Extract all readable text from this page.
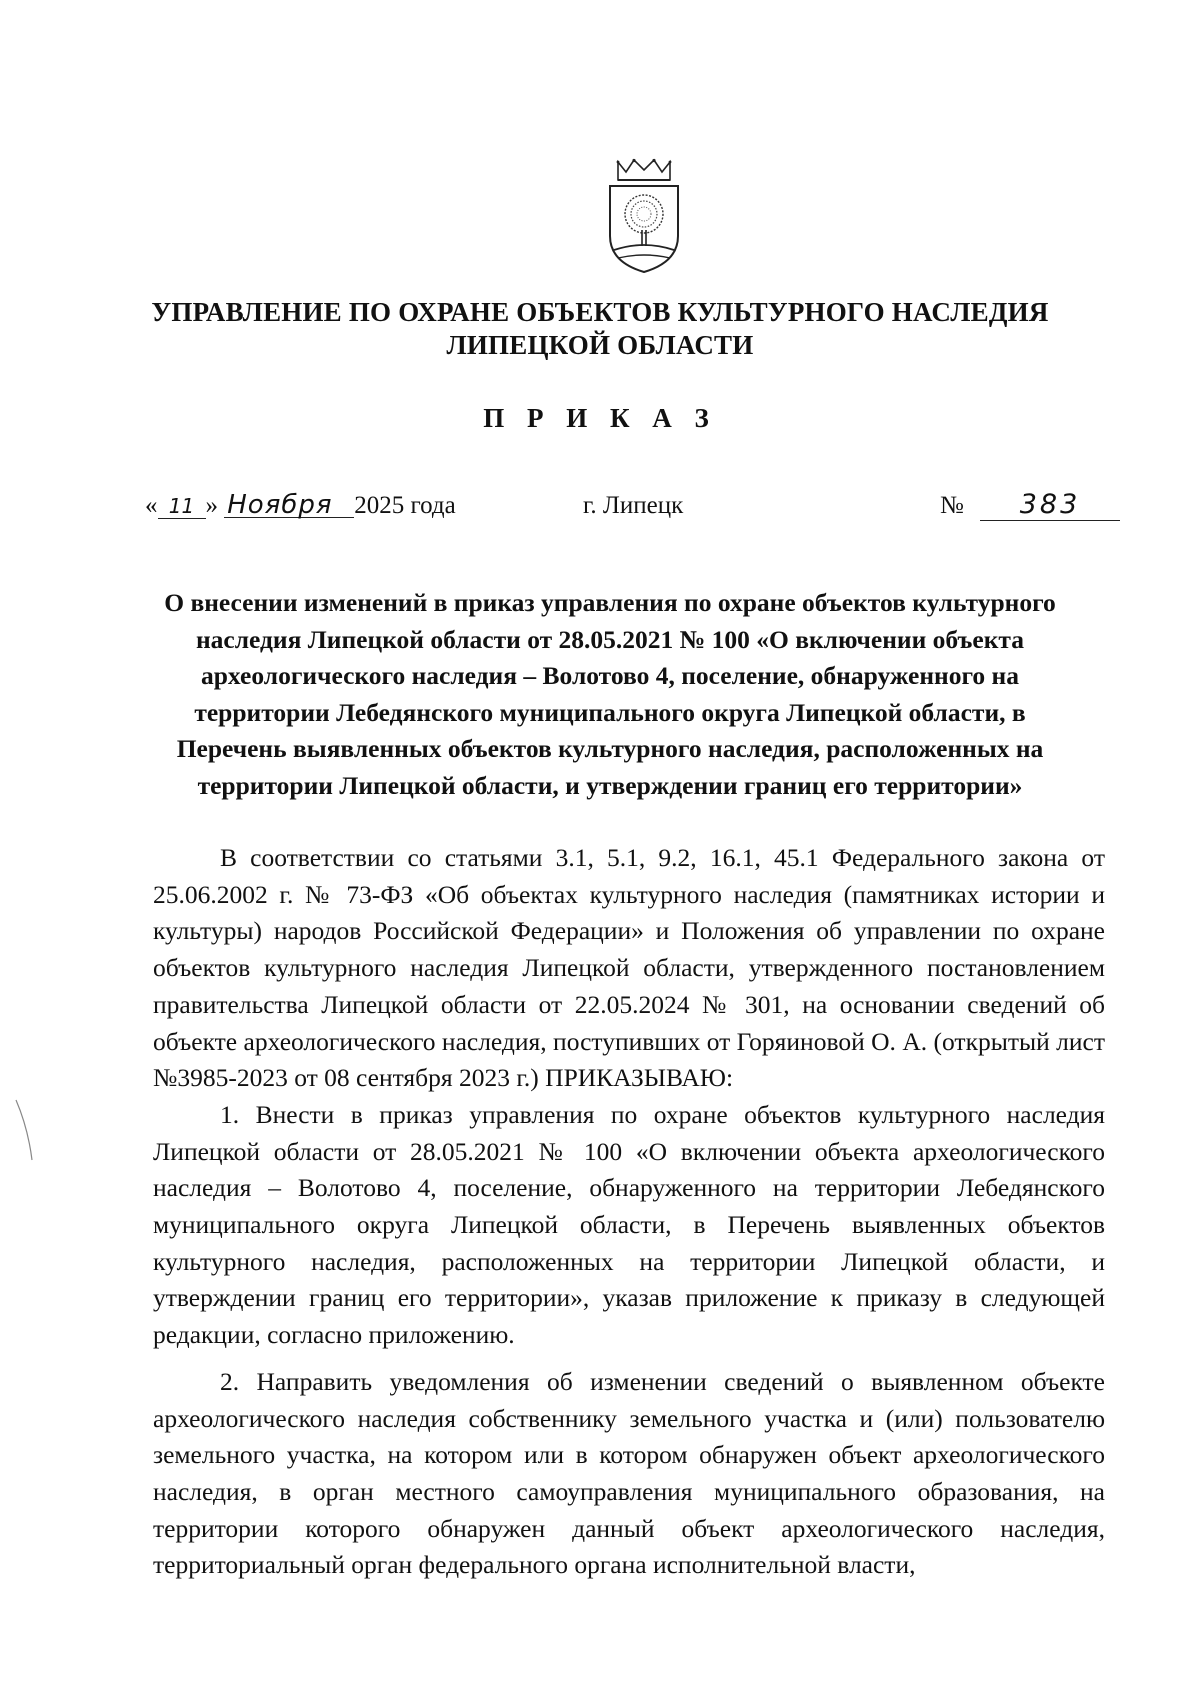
УПРАВЛЕНИЕ ПО ОХРАНЕ ОБЪЕКТОВ КУЛЬТУРНОГО НАСЛЕДИЯ
ЛИПЕЦКОЙ ОБЛАСТИ
П Р И К А З
« 11 » Ноября 2025 года	г. Липецк	№	383
О внесении изменений в приказ управления по охране объектов культурного наследия Липецкой области от 28.05.2021 № 100 «О включении объекта археологического наследия – Волотово 4, поселение, обнаруженного на территории Лебедянского муниципального округа Липецкой области, в Перечень выявленных объектов культурного наследия, расположенных на территории Липецкой области, и утверждении границ его территории»

В соответствии со статьями 3.1, 5.1, 9.2, 16.1, 45.1 Федерального закона от 25.06.2002 г. № 73-ФЗ «Об объектах культурного наследия (памятниках истории и культуры) народов Российской Федерации» и Положения об управлении по охране объектов культурного наследия Липецкой области, утвержденного постановлением правительства Липецкой области от 22.05.2024 № 301, на основании сведений об объекте археологического наследия, поступивших от Горяиновой О. А. (открытый лист №3985-2023 от 08 сентября 2023 г.) ПРИКАЗЫВАЮ:

1. Внести в приказ управления по охране объектов культурного наследия Липецкой области от 28.05.2021 № 100 «О включении объекта археологического наследия – Волотово 4, поселение, обнаруженного на территории Лебедянского муниципального округа Липецкой области, в Перечень выявленных объектов культурного наследия, расположенных на территории Липецкой области, и утверждении границ его территории», указав приложение к приказу в следующей редакции, согласно приложению.

2. Направить уведомления об изменении сведений о выявленном объекте археологического наследия собственнику земельного участка и (или) пользователю земельного участка, на котором или в котором обнаружен объект археологического наследия, в орган местного самоуправления муниципального образования, на территории которого обнаружен данный объект археологического наследия, территориальный орган федерального органа исполнительной власти,
